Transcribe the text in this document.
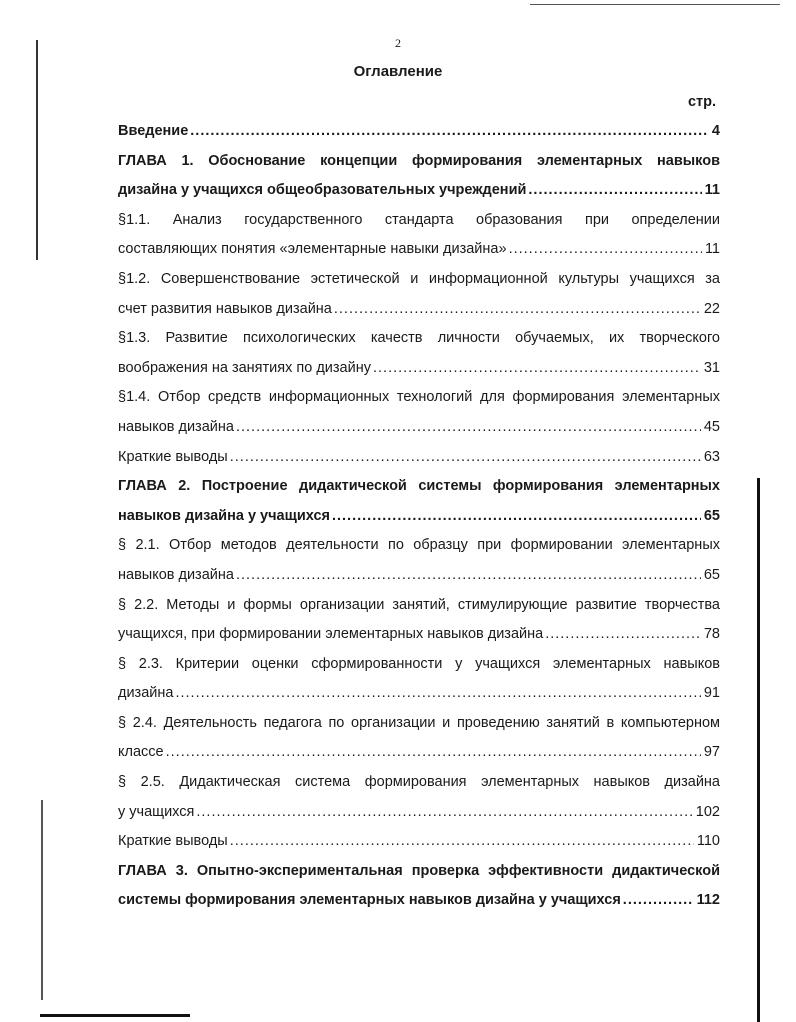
2
Оглавление
стр.
Введение .....	4
ГЛАВА 1. Обоснование концепции формирования элементарных навыков
дизайна у учащихся общеобразовательных учреждений .....	11
§1.1. Анализ государственного стандарта образования при определении
составляющих понятия «элементарные навыки дизайна» .....	11
§1.2. Совершенствование эстетической и информационной культуры учащихся за
счет развития навыков дизайна .....	22
§1.3. Развитие психологических качеств личности обучаемых, их творческого
воображения на занятиях по дизайну .....	31
§1.4. Отбор средств информационных технологий для формирования элементарных
навыков дизайна .....	45
Краткие выводы .....	63
ГЛАВА 2. Построение дидактической системы формирования элементарных
навыков дизайна у учащихся .....	65
§ 2.1. Отбор методов деятельности по образцу при формировании элементарных
навыков дизайна .....	65
§ 2.2. Методы и формы организации занятий, стимулирующие развитие творчества
учащихся, при формировании элементарных навыков дизайна .....	78
§ 2.3. Критерии оценки сформированности у учащихся элементарных навыков
дизайна .....	91
§ 2.4. Деятельность педагога по организации и проведению занятий в компьютерном
классе .....	97
§ 2.5. Дидактическая система формирования элементарных навыков дизайна
у учащихся .....	102
Краткие выводы .....	110
ГЛАВА 3. Опытно-экспериментальная проверка эффективности дидактической
системы формирования элементарных навыков дизайна у учащихся .....	112
